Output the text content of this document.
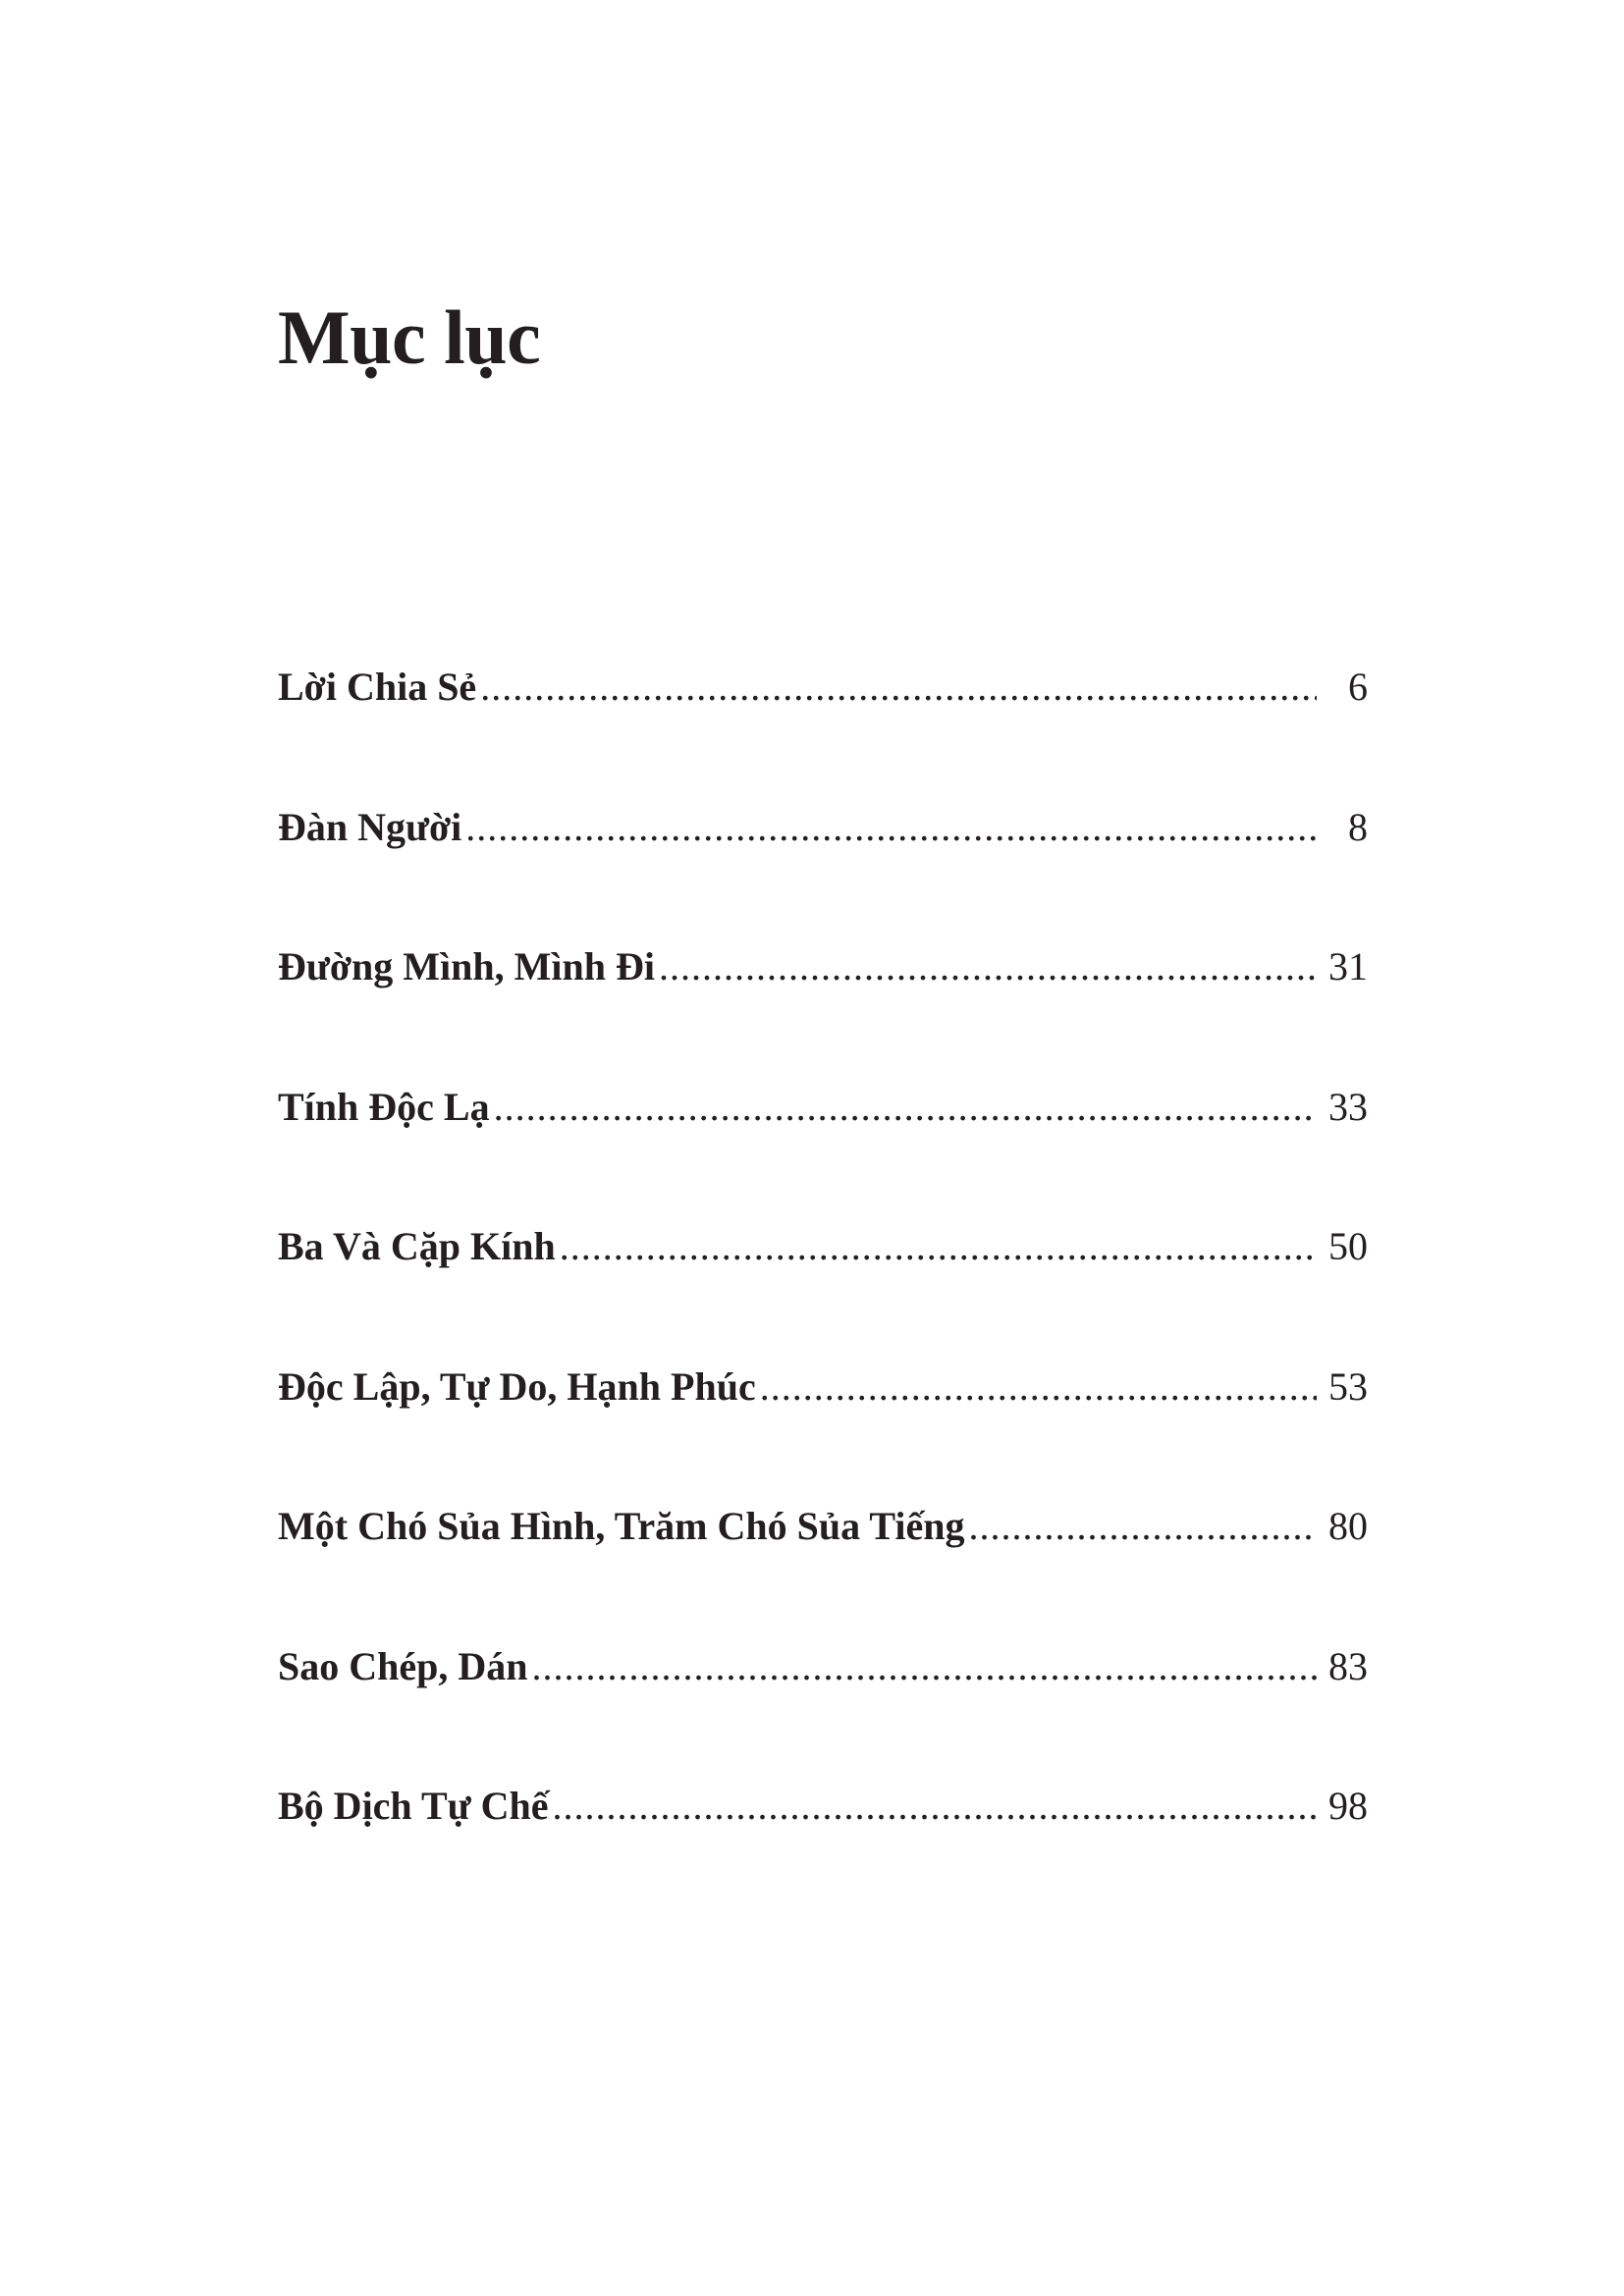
Mục lục
Lời Chia Sẻ .....	6
Đàn Người .....	8
Đường Mình, Mình Đi .....	31
Tính Độc Lạ .....	33
Ba Và Cặp Kính .....	50
Độc Lập, Tự Do, Hạnh Phúc .....	53
Một Chó Sủa Hình, Trăm Chó Sủa Tiếng .....	80
Sao Chép, Dán .....	83
Bộ Dịch Tự Chế .....	98
